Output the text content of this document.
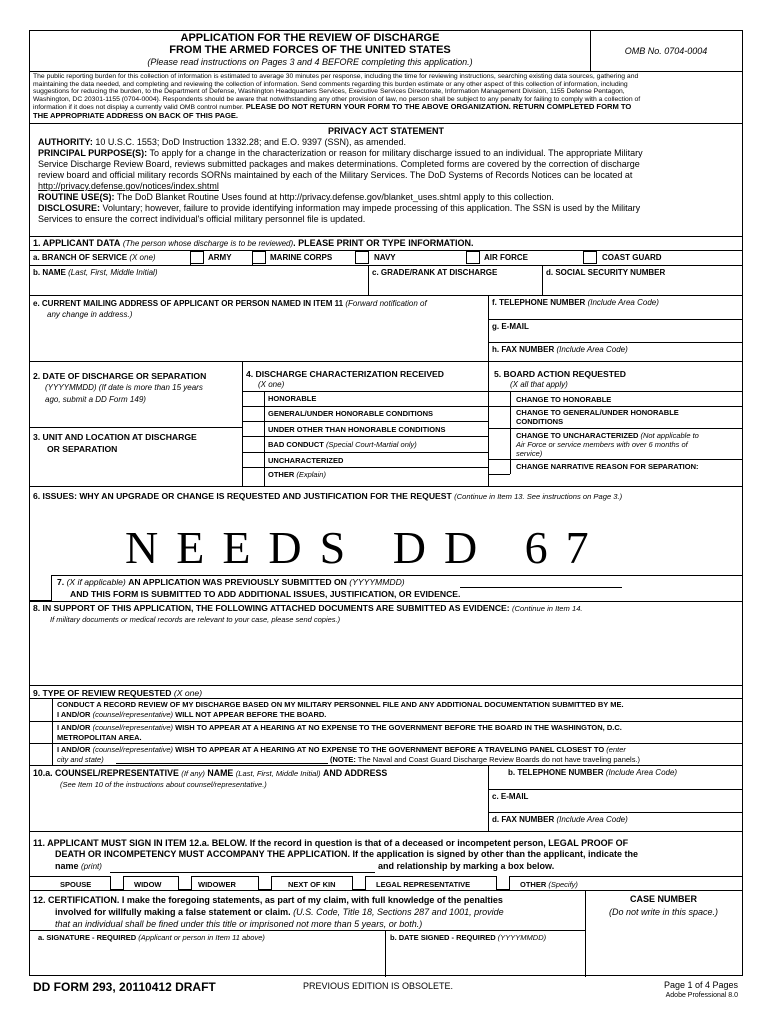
APPLICATION FOR THE REVIEW OF DISCHARGE
FROM THE ARMED FORCES OF THE UNITED STATES
(Please read instructions on Pages 3 and 4 BEFORE completing this application.)
OMB No. 0704-0004
The public reporting burden for this collection of information is estimated to average 30 minutes per response, including the time for reviewing instructions, searching existing data sources, gathering and
maintaining the data needed, and completing and reviewing the collection of information. Send comments regarding this burden estimate or any other aspect of this collection of information, including
suggestions for reducing the burden, to the Department of Defense, Washington Headquarters Services, Executive Services Directorate, Information Management Division, 1155 Defense Pentagon,
Washington, DC 20301-1155 (0704-0004). Respondents should be aware that notwithstanding any other provision of law, no person shall be subject to any penalty for failing to comply with a collection of
information if it does not display a currently valid OMB control number. PLEASE DO NOT RETURN YOUR FORM TO THE ABOVE ORGANIZATION. RETURN COMPLETED FORM TO
THE APPROPRIATE ADDRESS ON BACK OF THIS PAGE.
PRIVACY ACT STATEMENT
AUTHORITY: 10 U.S.C. 1553; DoD Instruction 1332.28; and E.O. 9397 (SSN), as amended.
PRINCIPAL PURPOSE(S): To apply for a change in the characterization or reason for military discharge issued to an individual. The appropriate Military
Service Discharge Review Board, reviews submitted packages and makes determinations. Completed forms are covered by the correction of discharge
review board and official military records SORNs maintained by each of the Military Services. The DoD Systems of Records Notices can be located at
http://privacy.defense.gov/notices/index.shtml
ROUTINE USE(S): The DoD Blanket Routine Uses found at http://privacy.defense.gov/blanket_uses.shtml apply to this collection.
DISCLOSURE: Voluntary; however, failure to provide identifying information may impede processing of this application. The SSN is used by the Military
Services to ensure the correct individual's official military personnel file is updated.
1. APPLICANT DATA (The person whose discharge is to be reviewed). PLEASE PRINT OR TYPE INFORMATION.
a. BRANCH OF SERVICE (X one)	ARMY	MARINE CORPS	NAVY	AIR FORCE	COAST GUARD
b. NAME (Last, First, Middle Initial)	c. GRADE/RANK AT DISCHARGE	d. SOCIAL SECURITY NUMBER
e. CURRENT MAILING ADDRESS OF APPLICANT OR PERSON NAMED IN ITEM 11 (Forward notification of
any change in address.)
f. TELEPHONE NUMBER (Include Area Code)
g. E-MAIL
h. FAX NUMBER (Include Area Code)
2. DATE OF DISCHARGE OR SEPARATION
(YYYYMMDD) (If date is more than 15 years
ago, submit a DD Form 149)
3. UNIT AND LOCATION AT DISCHARGE
OR SEPARATION
4. DISCHARGE CHARACTERIZATION RECEIVED
(X one)
HONORABLE
GENERAL/UNDER HONORABLE CONDITIONS
UNDER OTHER THAN HONORABLE CONDITIONS
BAD CONDUCT (Special Court-Martial only)
UNCHARACTERIZED
OTHER (Explain)
5. BOARD ACTION REQUESTED
(X all that apply)
CHANGE TO HONORABLE
CHANGE TO GENERAL/UNDER HONORABLE
CONDITIONS
CHANGE TO UNCHARACTERIZED (Not applicable to
Air Force or service members with over 6 months of
service)
CHANGE NARRATIVE REASON FOR SEPARATION:
6. ISSUES: WHY AN UPGRADE OR CHANGE IS REQUESTED AND JUSTIFICATION FOR THE REQUEST (Continue in Item 13. See instructions on Page 3.)
NEEDS DD 67
7. (X if applicable) AN APPLICATION WAS PREVIOUSLY SUBMITTED ON (YYYYMMDD)
AND THIS FORM IS SUBMITTED TO ADD ADDITIONAL ISSUES, JUSTIFICATION, OR EVIDENCE.
8. IN SUPPORT OF THIS APPLICATION, THE FOLLOWING ATTACHED DOCUMENTS ARE SUBMITTED AS EVIDENCE: (Continue in Item 14.
If military documents or medical records are relevant to your case, please send copies.)
9. TYPE OF REVIEW REQUESTED (X one)
CONDUCT A RECORD REVIEW OF MY DISCHARGE BASED ON MY MILITARY PERSONNEL FILE AND ANY ADDITIONAL DOCUMENTATION SUBMITTED BY ME.
I AND/OR (counsel/representative) WILL NOT APPEAR BEFORE THE BOARD.
I AND/OR (counsel/representative) WISH TO APPEAR AT A HEARING AT NO EXPENSE TO THE GOVERNMENT BEFORE THE BOARD IN THE WASHINGTON, D.C.
METROPOLITAN AREA.
I AND/OR (counsel/representative) WISH TO APPEAR AT A HEARING AT NO EXPENSE TO THE GOVERNMENT BEFORE A TRAVELING PANEL CLOSEST TO (enter
city and state)	(NOTE: The Naval and Coast Guard Discharge Review Boards do not have traveling panels.)
10.a. COUNSEL/REPRESENTATIVE (If any) NAME (Last, First, Middle Initial) AND ADDRESS
(See Item 10 of the instructions about counsel/representative.)
b. TELEPHONE NUMBER (Include Area Code)
c. E-MAIL
d. FAX NUMBER (Include Area Code)
11. APPLICANT MUST SIGN IN ITEM 12.a. BELOW. If the record in question is that of a deceased or incompetent person, LEGAL PROOF OF
DEATH OR INCOMPETENCY MUST ACCOMPANY THE APPLICATION. If the application is signed by other than the applicant, indicate the
name (print)	and relationship by marking a box below.
SPOUSE	WIDOW	WIDOWER	NEXT OF KIN	LEGAL REPRESENTATIVE	OTHER (Specify)
12. CERTIFICATION. I make the foregoing statements, as part of my claim, with full knowledge of the penalties
involved for willfully making a false statement or claim. (U.S. Code, Title 18, Sections 287 and 1001, provide
that an individual shall be fined under this title or imprisoned not more than 5 years, or both.)
a. SIGNATURE - REQUIRED (Applicant or person in Item 11 above)	b. DATE SIGNED - REQUIRED (YYYYMMDD)
CASE NUMBER
(Do not write in this space.)
DD FORM 293, 20110412 DRAFT	PREVIOUS EDITION IS OBSOLETE.	Page 1 of 4 Pages
Adobe Professional 8.0
